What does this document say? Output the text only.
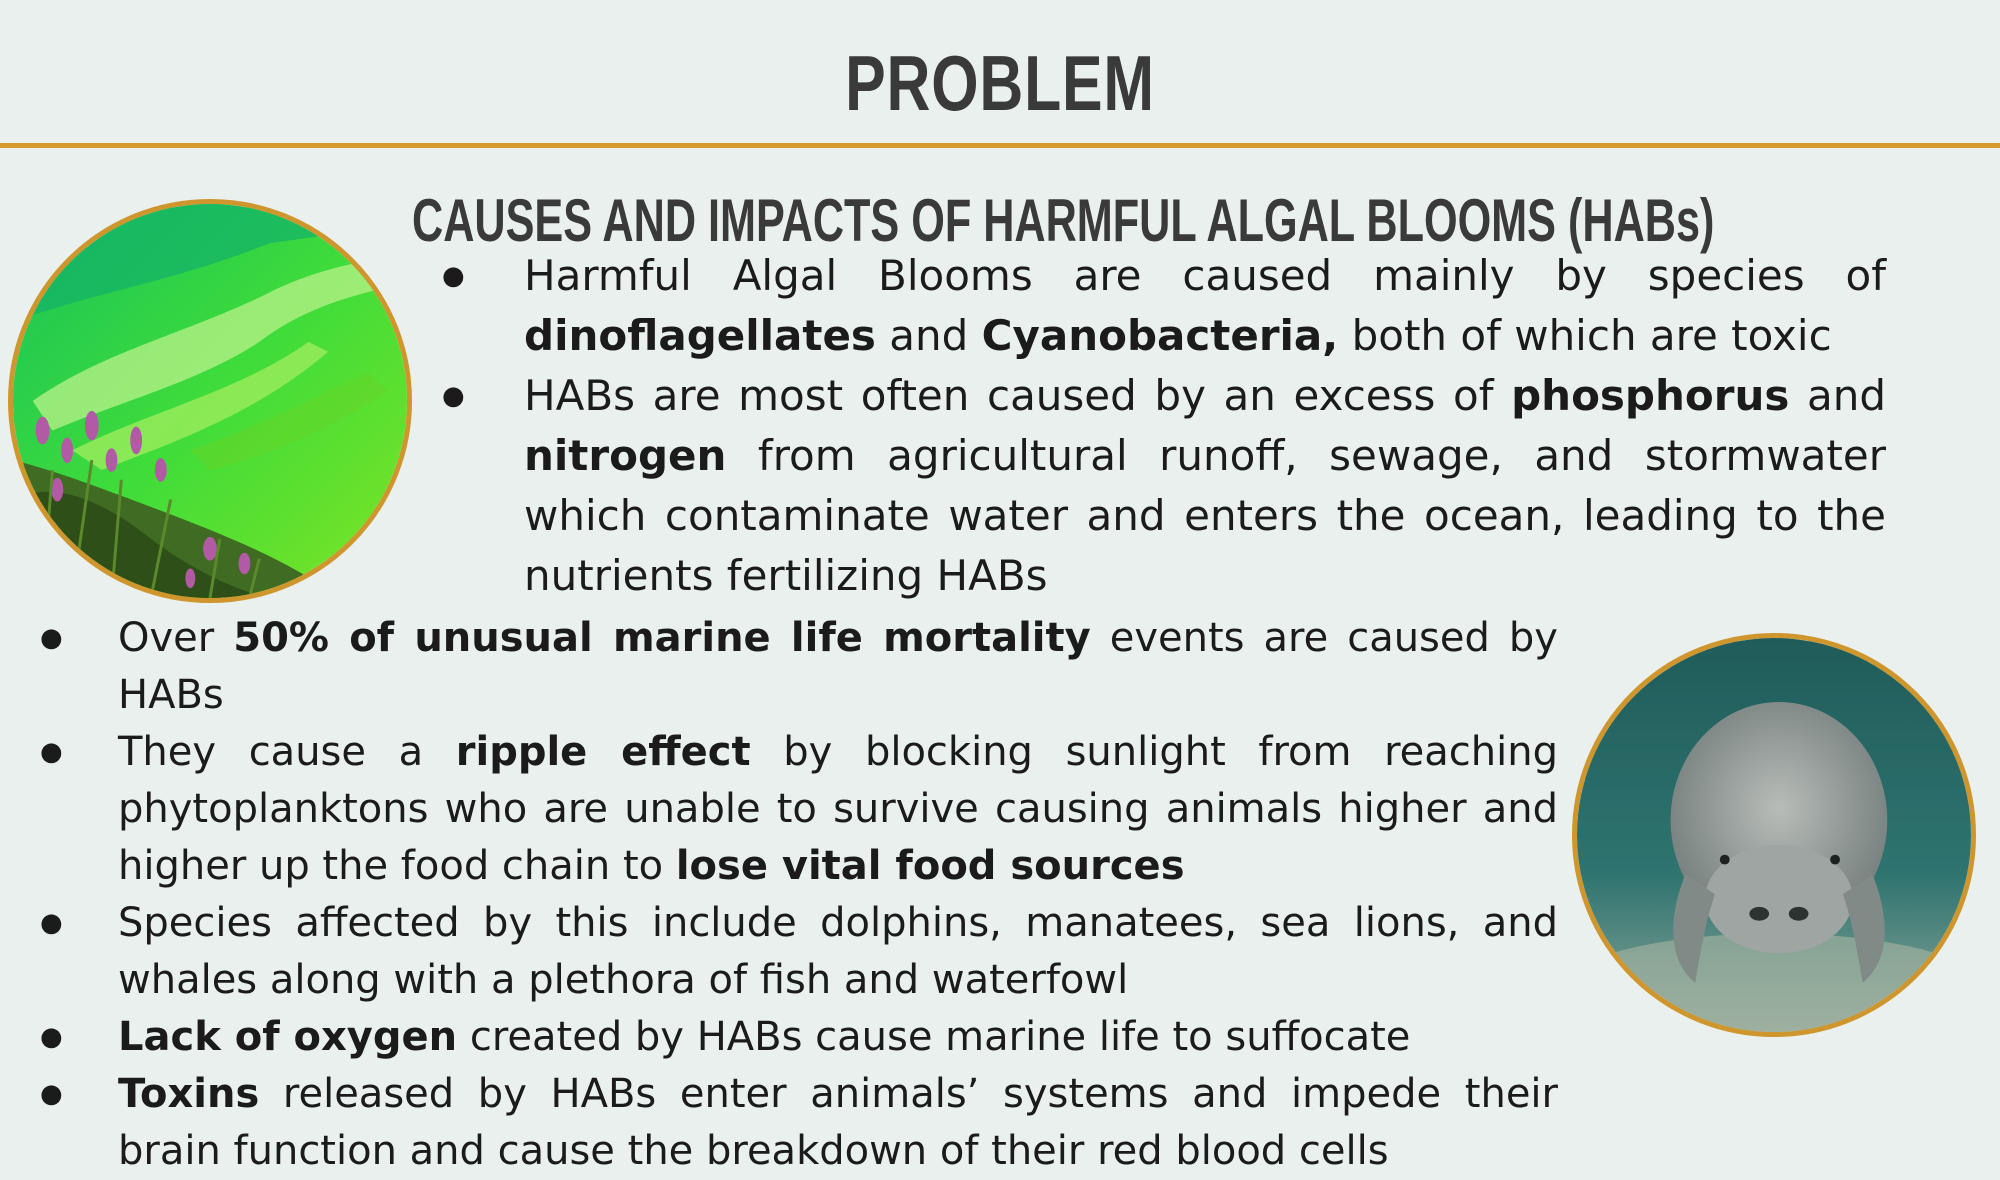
PROBLEM
CAUSES AND IMPACTS OF HARMFUL ALGAL BLOOMS (HABs)
● Harmful Algal Blooms are caused mainly by species of dinoflagellates and Cyanobacteria, both of which are toxic
● HABs are most often caused by an excess of phosphorus and nitrogen from agricultural runoff, sewage, and stormwater which contaminate water and enters the ocean, leading to the nutrients fertilizing HABs
● Over 50% of unusual marine life mortality events are caused by HABs
● They cause a ripple effect by blocking sunlight from reaching phytoplanktons who are unable to survive causing animals higher and higher up the food chain to lose vital food sources
● Species affected by this include dolphins, manatees, sea lions, and whales along with a plethora of fish and waterfowl
● Lack of oxygen created by HABs cause marine life to suffocate
● Toxins released by HABs enter animals’ systems and impede their brain function and cause the breakdown of their red blood cells
